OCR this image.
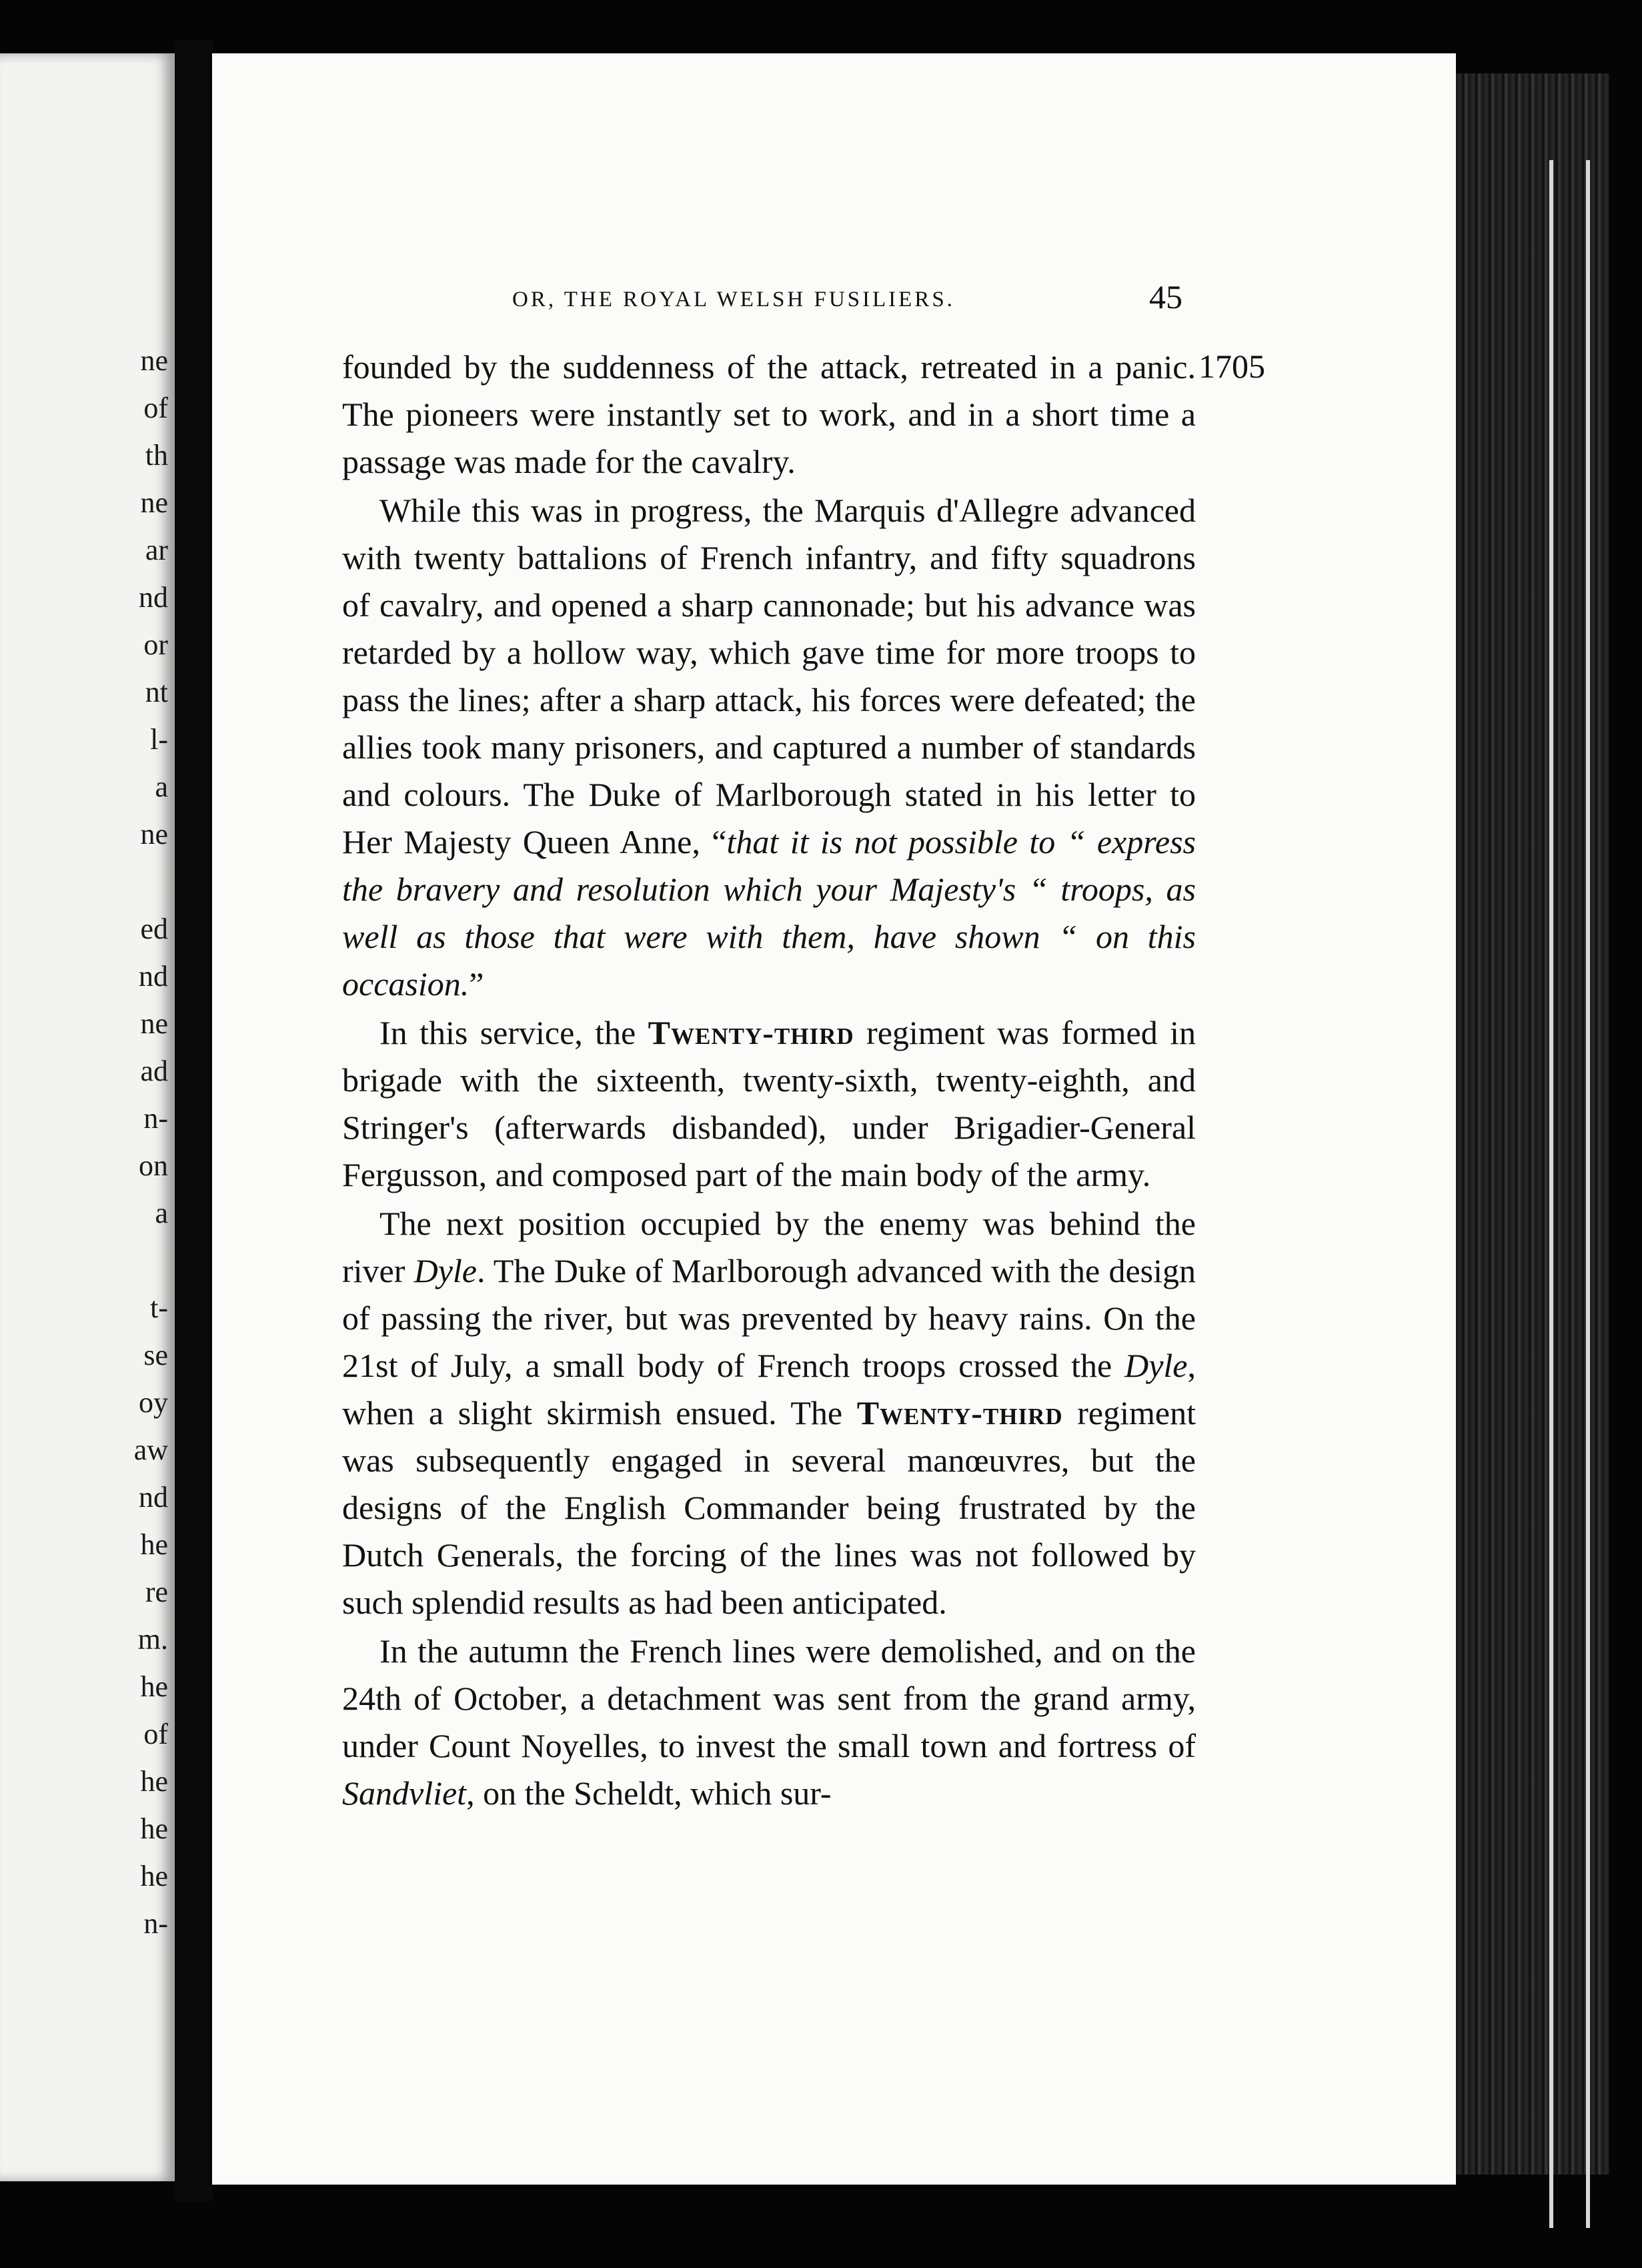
ne
of
th
ne
ar
nd
or
nt
l-
a
ne
ed
nd
ne
ad
n-
on
a
t-
se
oy
aw
nd
he
re
m.
he
of
he
he
he
n-
OR, THE ROYAL WELSH FUSILIERS.	45
1705

founded by the suddenness of the attack, retreated in a panic. The pioneers were instantly set to work, and in a short time a passage was made for the cavalry.

While this was in progress, the Marquis d'Allegre advanced with twenty battalions of French infantry, and fifty squadrons of cavalry, and opened a sharp cannonade; but his advance was retarded by a hollow way, which gave time for more troops to pass the lines; after a sharp attack, his forces were defeated; the allies took many prisoners, and captured a number of standards and colours. The Duke of Marlborough stated in his letter to Her Majesty Queen Anne, “that it is not possible to “ express the bravery and resolution which your Majesty's “ troops, as well as those that were with them, have shown “ on this occasion.”

In this service, the Twenty-third regiment was formed in brigade with the sixteenth, twenty-sixth, twenty-eighth, and Stringer's (afterwards disbanded), under Brigadier-General Fergusson, and composed part of the main body of the army.

The next position occupied by the enemy was behind the river Dyle. The Duke of Marlborough advanced with the design of passing the river, but was prevented by heavy rains. On the 21st of July, a small body of French troops crossed the Dyle, when a slight skirmish ensued. The Twenty-third regiment was subsequently engaged in several manœuvres, but the designs of the English Commander being frustrated by the Dutch Generals, the forcing of the lines was not followed by such splendid results as had been anticipated.

In the autumn the French lines were demolished, and on the 24th of October, a detachment was sent from the grand army, under Count Noyelles, to invest the small town and fortress of Sandvliet, on the Scheldt, which sur-
